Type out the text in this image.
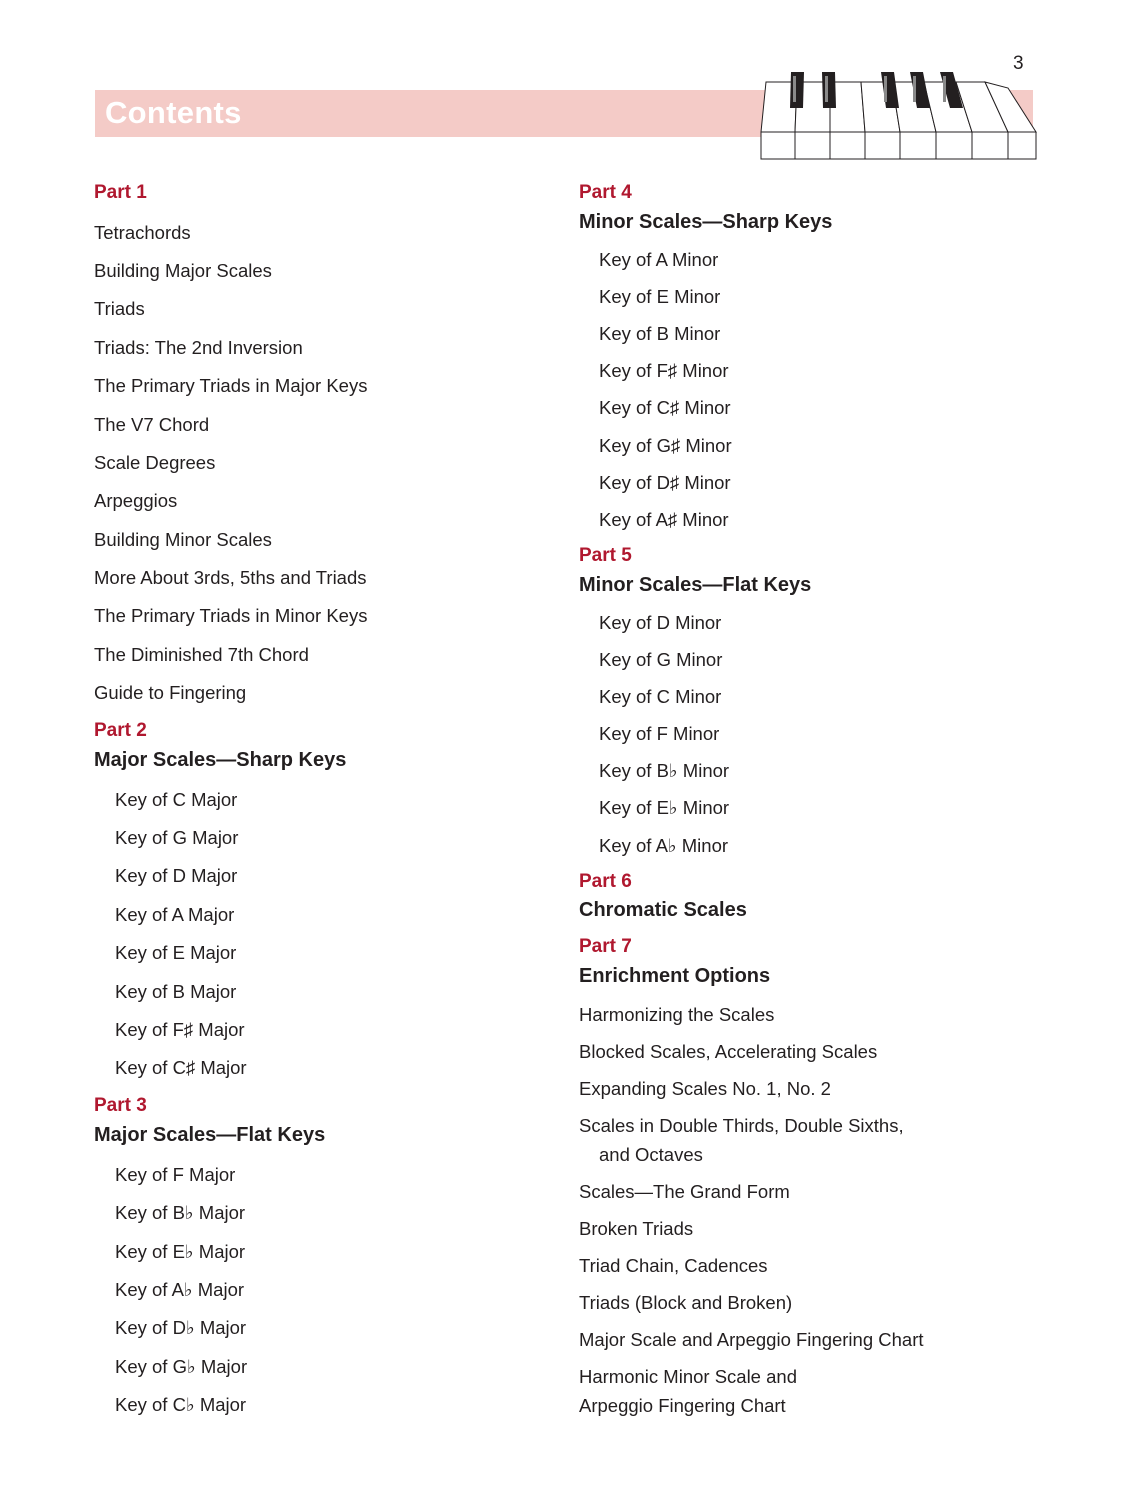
3
Contents
Part 1
Tetrachords
Building Major Scales
Triads
Triads: The 2nd Inversion
The Primary Triads in Major Keys
The V7 Chord
Scale Degrees
Arpeggios
Building Minor Scales
More About 3rds, 5ths and Triads
The Primary Triads in Minor Keys
The Diminished 7th Chord
Guide to Fingering
Part 2
Major Scales—Sharp Keys
Key of C Major
Key of G Major
Key of D Major
Key of A Major
Key of E Major
Key of B Major
Key of F♯ Major
Key of C♯ Major
Part 3
Major Scales—Flat Keys
Key of F Major
Key of B♭ Major
Key of E♭ Major
Key of A♭ Major
Key of D♭ Major
Key of G♭ Major
Key of C♭ Major
Part 4
Minor Scales—Sharp Keys
Key of A Minor
Key of E Minor
Key of B Minor
Key of F♯ Minor
Key of C♯ Minor
Key of G♯ Minor
Key of D♯ Minor
Key of A♯ Minor
Part 5
Minor Scales—Flat Keys
Key of D Minor
Key of G Minor
Key of C Minor
Key of F Minor
Key of B♭ Minor
Key of E♭ Minor
Key of A♭ Minor
Part 6
Chromatic Scales
Part 7
Enrichment Options
Harmonizing the Scales
Blocked Scales, Accelerating Scales
Expanding Scales No. 1, No. 2
Scales in Double Thirds, Double Sixths,
and Octaves
Scales—The Grand Form
Broken Triads
Triad Chain, Cadences
Triads (Block and Broken)
Major Scale and Arpeggio Fingering Chart
Harmonic Minor Scale and
Arpeggio Fingering Chart
